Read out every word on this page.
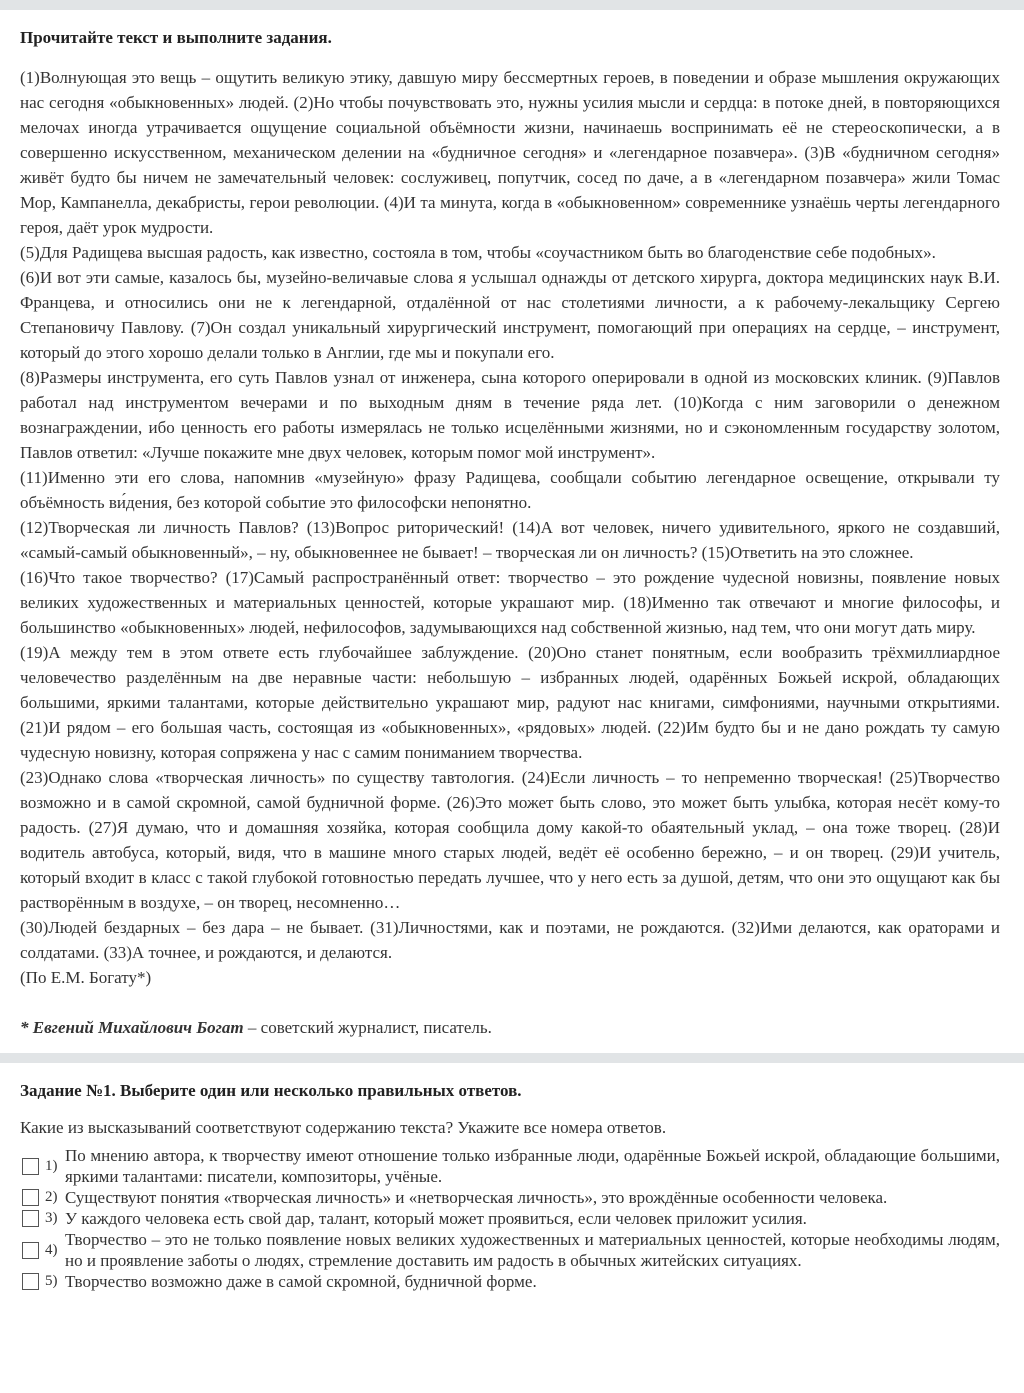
Прочитайте текст и выполните задания.

(1)Волнующая это вещь – ощутить великую этику, давшую миру бессмертных героев, в поведении и образе мышления окружающих нас сегодня «обыкновенных» людей. (2)Но чтобы почувствовать это, нужны усилия мысли и сердца: в потоке дней, в повторяющихся мелочах иногда утрачивается ощущение социальной объёмности жизни, начинаешь воспринимать её не стереоскопически, а в совершенно искусственном, механическом делении на «будничное сегодня» и «легендарное позавчера». (3)В «будничном сегодня» живёт будто бы ничем не замечательный человек: сослуживец, попутчик, сосед по даче, а в «легендарном позавчера» жили Томас Мор, Кампанелла, декабристы, герои революции. (4)И та минута, когда в «обыкновенном» современнике узнаёшь черты легендарного героя, даёт урок мудрости.

(5)Для Радищева высшая радость, как известно, состояла в том, чтобы «соучастником быть во благоденствие себе подобных».

(6)И вот эти самые, казалось бы, музейно-величавые слова я услышал однажды от детского хирурга, доктора медицинских наук В.И. Францева, и относились они не к легендарной, отдалённой от нас столетиями личности, а к рабочему-лекальщику Сергею Степановичу Павлову. (7)Он создал уникальный хирургический инструмент, помогающий при операциях на сердце, – инструмент, который до этого хорошо делали только в Англии, где мы и покупали его.

(8)Размеры инструмента, его суть Павлов узнал от инженера, сына которого оперировали в одной из московских клиник. (9)Павлов работал над инструментом вечерами и по выходным дням в течение ряда лет. (10)Когда с ним заговорили о денежном вознаграждении, ибо ценность его работы измерялась не только исцелёнными жизнями, но и сэкономленным государству золотом, Павлов ответил: «Лучше покажите мне двух человек, которым помог мой инструмент».

(11)Именно эти его слова, напомнив «музейную» фразу Радищева, сообщали событию легендарное освещение, открывали ту объёмность ви́дения, без которой событие это философски непонятно.

(12)Творческая ли личность Павлов? (13)Вопрос риторический! (14)А вот человек, ничего удивительного, яркого не создавший, «самый-самый обыкновенный», – ну, обыкновеннее не бывает! – творческая ли он личность? (15)Ответить на это сложнее.

(16)Что такое творчество? (17)Самый распространённый ответ: творчество – это рождение чудесной новизны, появление новых великих художественных и материальных ценностей, которые украшают мир. (18)Именно так отвечают и многие философы, и большинство «обыкновенных» людей, нефилософов, задумывающихся над собственной жизнью, над тем, что они могут дать миру.

(19)А между тем в этом ответе есть глубочайшее заблуждение. (20)Оно станет понятным, если вообразить трёхмиллиардное человечество разделённым на две неравные части: небольшую – избранных людей, одарённых Божьей искрой, обладающих большими, яркими талантами, которые действительно украшают мир, радуют нас книгами, симфониями, научными открытиями. (21)И рядом – его большая часть, состоящая из «обыкновенных», «рядовых» людей. (22)Им будто бы и не дано рождать ту самую чудесную новизну, которая сопряжена у нас с самим пониманием творчества.

(23)Однако слова «творческая личность» по существу тавтология. (24)Если личность – то непременно творческая! (25)Творчество возможно и в самой скромной, самой будничной форме. (26)Это может быть слово, это может быть улыбка, которая несёт кому-то радость. (27)Я думаю, что и домашняя хозяйка, которая сообщила дому какой-то обаятельный уклад, – она тоже творец. (28)И водитель автобуса, который, видя, что в машине много старых людей, ведёт её особенно бережно, – и он творец. (29)И учитель, который входит в класс с такой глубокой готовностью передать лучшее, что у него есть за душой, детям, что они это ощущают как бы растворённым в воздухе, – он творец, несомненно…

(30)Людей бездарных – без дара – не бывает. (31)Личностями, как и поэтами, не рождаются. (32)Ими делаются, как ораторами и солдатами. (33)А точнее, и рождаются, и делаются.

(По Е.М. Богату*)

* Евгений Михайлович Богат – советский журналист, писатель.
Задание №1. Выберите один или несколько правильных ответов.
Какие из высказываний соответствуют содержанию текста? Укажите все номера ответов.
1)
По мнению автора, к творчеству имеют отношение только избранные люди, одарённые Божьей искрой, обладающие большими, яркими талантами: писатели, композиторы, учёные.
2) Существуют понятия «творческая личность» и «нетворческая личность», это врождённые особенности человека.
3) У каждого человека есть свой дар, талант, который может проявиться, если человек приложит усилия.
4)
Творчество – это не только появление новых великих художественных и материальных ценностей, которые необходимы людям, но и проявление заботы о людях, стремление доставить им радость в обычных житейских ситуациях.
5) Творчество возможно даже в самой скромной, будничной форме.
